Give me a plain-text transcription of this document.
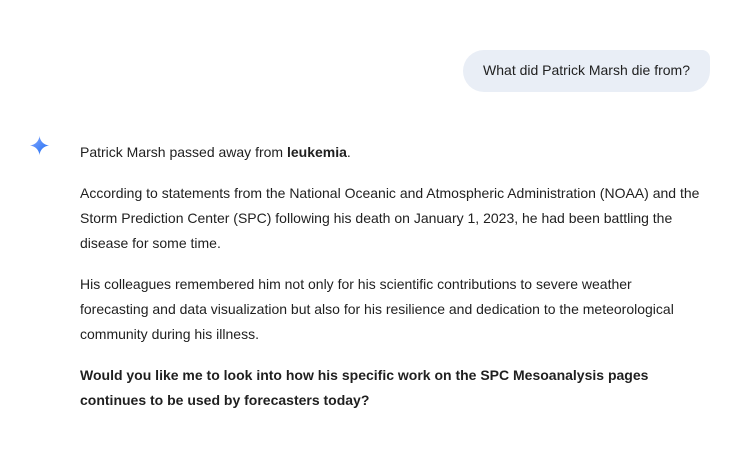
What did Patrick Marsh die from?

Patrick Marsh passed away from leukemia.

According to statements from the National Oceanic and Atmospheric Administration (NOAA) and the Storm Prediction Center (SPC) following his death on January 1, 2023, he had been battling the disease for some time.

His colleagues remembered him not only for his scientific contributions to severe weather forecasting and data visualization but also for his resilience and dedication to the meteorological community during his illness.

Would you like me to look into how his specific work on the SPC Mesoanalysis pages continues to be used by forecasters today?
